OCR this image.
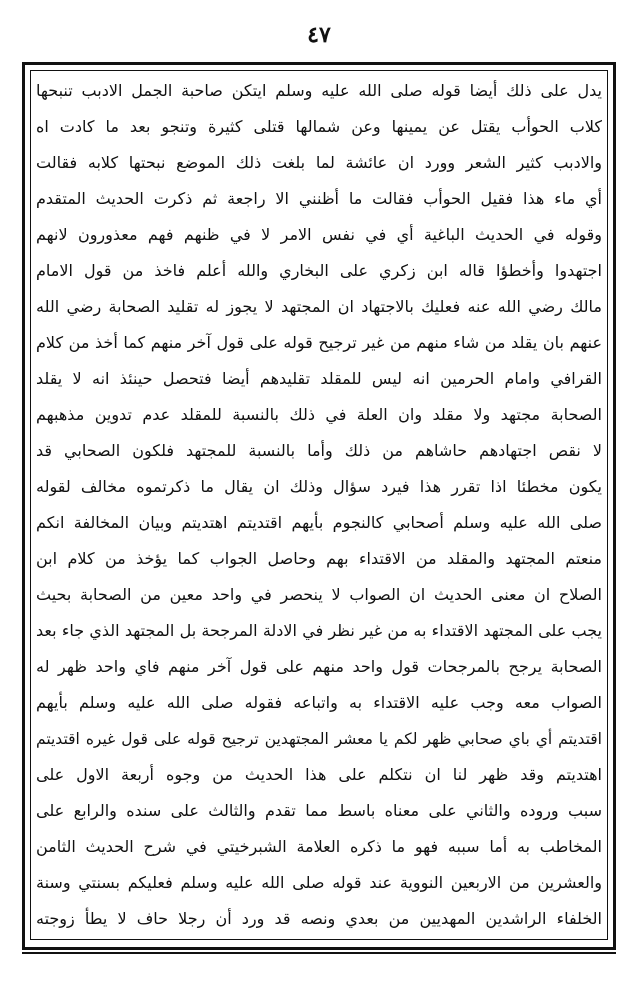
٤٧
يدل على ذلك أيضا قوله صلى الله عليه وسلم ايتكن صاحبة الجمل الادبب تنبحها
كلاب الحوأب يقتل عن يمينها وعن شمالها قتلى كثيرة وتنجو بعد ما كادت اه
والادبب كثير الشعر وورد ان عائشة لما بلغت ذلك الموضع نبحتها كلابه فقالت
أي ماء هذا فقيل الحوأب فقالت ما أظنني الا راجعة ثم ذكرت الحديث المتقدم
وقوله في الحديث الباغية أي في نفس الامر لا في ظنهم فهم معذورون لانهم
اجتهدوا وأخطؤا قاله ابن زكري على البخاري والله أعلم فاخذ من قول الامام
مالك رضي الله عنه فعليك بالاجتهاد ان المجتهد لا يجوز له تقليد الصحابة رضي الله
عنهم بان يقلد من شاء منهم من غير ترجيح قوله على قول آخر منهم كما أخذ من كلام
القرافي وامام الحرمين انه ليس للمقلد تقليدهم أيضا فتحصل حينئذ انه لا يقلد
الصحابة مجتهد ولا مقلد وان العلة في ذلك بالنسبة للمقلد عدم تدوين مذهبهم
لا نقص اجتهادهم حاشاهم من ذلك وأما بالنسبة للمجتهد فلكون الصحابي قد
يكون مخطئا اذا تقرر هذا فيرد سؤال وذلك ان يقال ما ذكرتموه مخالف لقوله
صلى الله عليه وسلم أصحابي كالنجوم بأيهم اقتديتم اهتديتم وبيان المخالفة انكم
منعتم المجتهد والمقلد من الاقتداء بهم وحاصل الجواب كما يؤخذ من كلام ابن
الصلاح ان معنى الحديث ان الصواب لا ينحصر في واحد معين من الصحابة بحيث
يجب على المجتهد الاقتداء به من غير نظر في الادلة المرجحة بل المجتهد الذي جاء بعد
الصحابة يرجح بالمرجحات قول واحد منهم على قول آخر منهم فاي واحد ظهر له
الصواب معه وجب عليه الاقتداء به واتباعه فقوله صلى الله عليه وسلم بأيهم
اقتديتم أي باي صحابي ظهر لكم يا معشر المجتهدين ترجيح قوله على قول غيره اقتديتم
اهتديتم وقد ظهر لنا ان نتكلم على هذا الحديث من وجوه أربعة الاول على
سبب وروده والثاني على معناه باسط مما تقدم والثالث على سنده والرابع على
المخاطب به أما سببه فهو ما ذكره العلامة الشبرخيتي في شرح الحديث الثامن
والعشرين من الاربعين النووية عند قوله صلى الله عليه وسلم فعليكم بسنتي وسنة
الخلفاء الراشدين المهديين من بعدي ونصه قد ورد أن رجلا حاف لا يطأ زوجته
